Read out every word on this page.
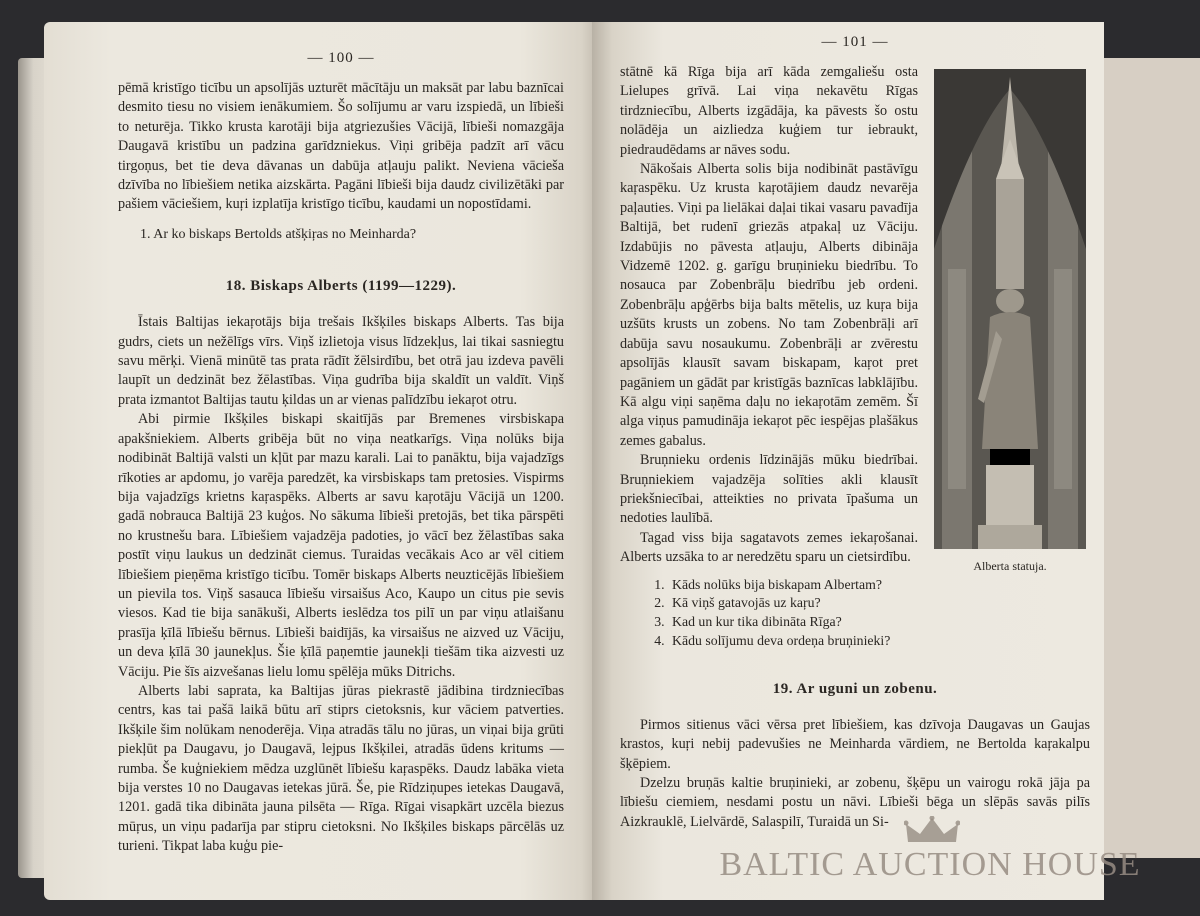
— 100 —

pēmā kristīgo ticību un apsolījās uzturēt mācītāju un maksāt par labu baznīcai desmito tiesu no visiem ienākumiem. Šo solījumu ar varu izspiedā, un lībieši to neturēja. Tikko krusta karotāji bija atgriezušies Vācijā, lībieši nomazgāja Daugavā kristību un padzina garīdzniekus. Viņi gribēja padzīt arī vācu tirgoņus, bet tie deva dāvanas un dabūja atļauju palikt. Neviena vācieša dzīvība no lībiešiem netika aizskārta. Pagāni lībieši bija daudz civilizētāki par pašiem vāciešiem, kuŗi izplatīja kristīgo ticību, kaudami un nopostīdami.

1. Ar ko biskaps Bertolds atšķiŗas no Meinharda?
18. Biskaps Alberts (1199—1229).

Īstais Baltijas iekaŗotājs bija trešais Ikšķiles biskaps Alberts. Tas bija gudrs, ciets un nežēlīgs vīrs. Viņš izlietoja visus līdzekļus, lai tikai sasniegtu savu mērķi. Vienā minūtē tas prata rādīt žēlsirdību, bet otrā jau izdeva pavēli laupīt un dedzināt bez žēlastības. Viņa gudrība bija skaldīt un valdīt. Viņš prata izmantot Baltijas tautu ķildas un ar vienas palīdzību iekaŗot otru.

Abi pirmie Ikšķiles biskapi skaitījās par Bremenes virsbiskapa apakšniekiem. Alberts gribēja būt no viņa neatkarīgs. Viņa nolūks bija nodibināt Baltijā valsti un kļūt par mazu karali. Lai to panāktu, bija vajadzīgs rīkoties ar apdomu, jo varēja paredzēt, ka virsbiskaps tam pretosies. Vispirms bija vajadzīgs krietns kaŗaspēks. Alberts ar savu kaŗotāju Vācijā un 1200. gadā nobrauca Baltijā 23 kuģos. No sākuma lībieši pretojās, bet tika pārspēti no krustnešu bara. Lībiešiem vajadzēja padoties, jo vācī bez žēlastības saka postīt viņu laukus un dedzināt ciemus. Turaidas vecākais Aco ar vēl citiem lībiešiem pieņēma kristīgo ticību. Tomēr biskaps Alberts neuzticējās lībiešiem un pievila tos. Viņš sasauca lībiešu virsaišus Aco, Kaupo un citus pie sevis viesos. Kad tie bija sanākuši, Alberts ieslēdza tos pilī un par viņu atlaišanu prasīja ķīlā lībiešu bērnus. Lībieši baidījās, ka virsaišus ne aizved uz Vāciju, un deva ķīlā 30 jaunekļus. Šie ķīlā paņemtie jaunekļi tiešām tika aizvesti uz Vāciju. Pie šīs aizvešanas lielu lomu spēlēja mūks Ditrichs.

Alberts labi saprata, ka Baltijas jūras piekrastē jādibina tirdzniecības centrs, kas tai pašā laikā būtu arī stiprs cietoksnis, kur vāciem patverties. Ikšķile šim nolūkam nenoderēja. Viņa atradās tālu no jūras, un viņai bija grūti piekļūt pa Daugavu, jo Daugavā, lejpus Ikšķilei, atradās ūdens kritums — rumba. Še kuģniekiem mēdza uzglūnēt lībiešu kaŗaspēks. Daudz labāka vieta bija verstes 10 no Daugavas ietekas jūrā. Še, pie Rīdziņupes ietekas Daugavā, 1201. gadā tika dibināta jauna pilsēta — Rīga. Rīgai visapkārt uzcēla biezus mūŗus, un viņu padarīja par stipru cietoksni. No Ikšķiles biskaps pārcēlās uz turieni. Tikpat laba kuģu pie-

— 101 —
Alberta statuja.

stātnē kā Rīga bija arī kāda zemgaliešu osta Lielupes grīvā. Lai viņa nekavētu Rīgas tirdzniecību, Alberts izgādāja, ka pāvests šo ostu nolādēja un aizliedza kuģiem tur iebraukt, piedraudēdams ar nāves sodu.

Nākošais Alberta solis bija nodibināt pastāvīgu kaŗaspēku. Uz krusta kaŗotājiem daudz nevarēja paļauties. Viņi pa lielākai daļai tikai vasaru pavadīja Baltijā, bet rudenī griezās atpakaļ uz Vāciju. Izdabūjis no pāvesta atļauju, Alberts dibināja Vidzemē 1202. g. garīgu bruņinieku biedrību. To nosauca par Zobenbrāļu biedrību jeb ordeni. Zobenbrāļu apģērbs bija balts mētelis, uz kuŗa bija uzšūts krusts un zobens. No tam Zobenbrāļi arī dabūja savu nosaukumu. Zobenbrāļi ar zvērestu apsolījās klausīt savam biskapam, kaŗot pret pagāniem un gādāt par kristīgās baznīcas labklājību. Kā algu viņi saņēma daļu no iekaŗotām zemēm. Šī alga viņus pamudināja iekaŗot pēc iespējas plašākus zemes gabalus.

Bruņnieku ordenis līdzinājās mūku biedrībai. Bruņniekiem vajadzēja solīties akli klausīt priekšniecībai, atteikties no privata īpašuma un nedoties laulībā.

Tagad viss bija sagatavots zemes iekaŗošanai. Alberts uzsāka to ar neredzētu sparu un cietsirdību.

1. Kāds nolūks bija biskapam Albertam?
2. Kā viņš gatavojās uz kaŗu?
3. Kad un kur tika dibināta Rīga?
4. Kādu solījumu deva ordeņa bruņinieki?
19. Ar uguni un zobenu.

Pirmos sitienus vāci vērsa pret lībiešiem, kas dzīvoja Daugavas un Gaujas krastos, kuŗi nebij padevušies ne Meinharda vārdiem, ne Bertolda kaŗakalpu šķēpiem.

Dzelzu bruņās kaltie bruņinieki, ar zobenu, šķēpu un vairogu rokā jāja pa lībiešu ciemiem, nesdami postu un nāvi. Lībieši bēga un slēpās savās pilīs Aizkrauklē, Lielvārdē, Salaspilī, Turaidā un Si-

BALTIC AUCTION HOUSE
